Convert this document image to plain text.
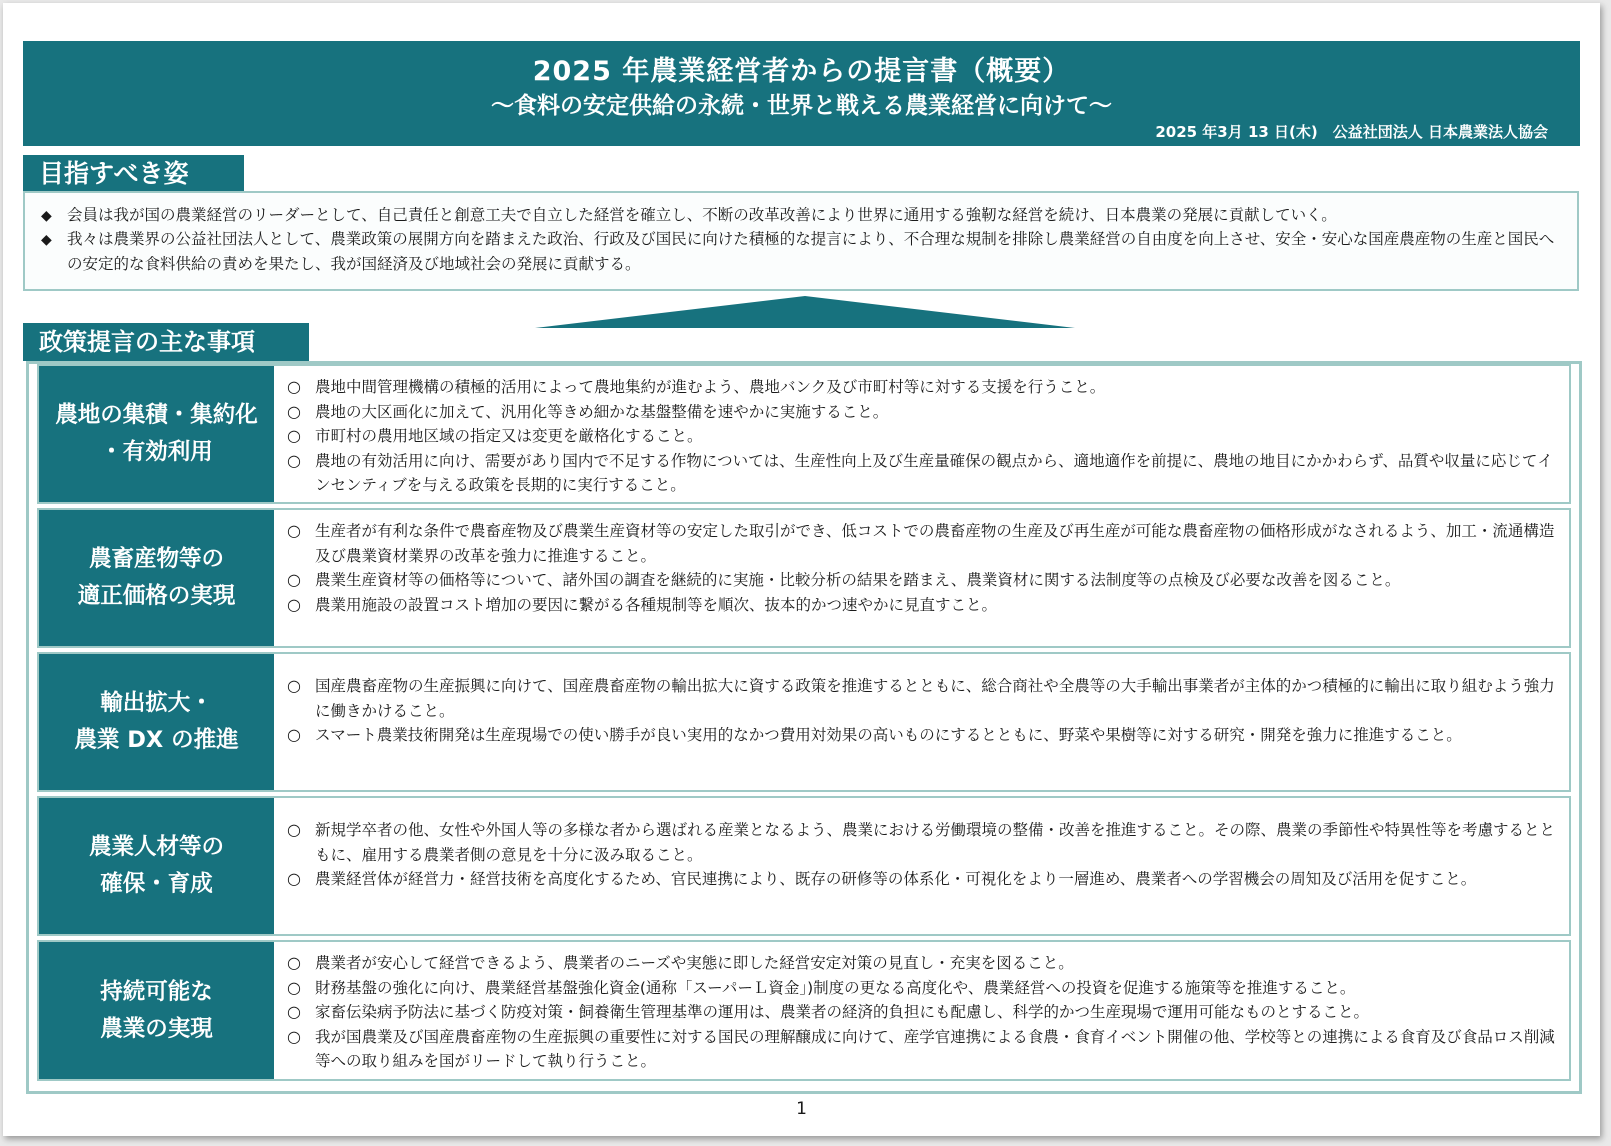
2025 年農業経営者からの提言書（概要）
～食料の安定供給の永続・世界と戦える農業経営に向けて～
2025 年3月 13 日(木)　公益社団法人 日本農業法人協会
目指すべき姿
◆ 会員は我が国の農業経営のリーダーとして、自己責任と創意工夫で自立した経営を確立し、不断の改革改善により世界に通用する強靭な経営を続け、日本農業の発展に貢献していく。
◆ 我々は農業界の公益社団法人として、農業政策の展開方向を踏まえた政治、行政及び国民に向けた積極的な提言により、不合理な規制を排除し農業経営の自由度を向上させ、安全・安心な国産農産物の生産と国民への安定的な食料供給の責めを果たし、我が国経済及び地域社会の発展に貢献する。
政策提言の主な事項
農地の集積・集約化
・有効利用
○ 農地中間管理機構の積極的活用によって農地集約が進むよう、農地バンク及び市町村等に対する支援を行うこと。
○ 農地の大区画化に加えて、汎用化等きめ細かな基盤整備を速やかに実施すること。
○ 市町村の農用地区域の指定又は変更を厳格化すること。
○ 農地の有効活用に向け、需要があり国内で不足する作物については、生産性向上及び生産量確保の観点から、適地適作を前提に、農地の地目にかかわらず、品質や収量に応じてインセンティブを与える政策を長期的に実行すること。
農畜産物等の
適正価格の実現
○ 生産者が有利な条件で農畜産物及び農業生産資材等の安定した取引ができ、低コストでの農畜産物の生産及び再生産が可能な農畜産物の価格形成がなされるよう、加工・流通構造及び農業資材業界の改革を強力に推進すること。
○ 農業生産資材等の価格等について、諸外国の調査を継続的に実施・比較分析の結果を踏まえ、農業資材に関する法制度等の点検及び必要な改善を図ること。
○ 農業用施設の設置コスト増加の要因に繋がる各種規制等を順次、抜本的かつ速やかに見直すこと。
輸出拡大・
農業 DX の推進
○ 国産農畜産物の生産振興に向けて、国産農畜産物の輸出拡大に資する政策を推進するとともに、総合商社や全農等の大手輸出事業者が主体的かつ積極的に輸出に取り組むよう強力に働きかけること。
○ スマート農業技術開発は生産現場での使い勝手が良い実用的なかつ費用対効果の高いものにするとともに、野菜や果樹等に対する研究・開発を強力に推進すること。
農業人材等の
確保・育成
○ 新規学卒者の他、女性や外国人等の多様な者から選ばれる産業となるよう、農業における労働環境の整備・改善を推進すること。その際、農業の季節性や特異性等を考慮するとともに、雇用する農業者側の意見を十分に汲み取ること。
○ 農業経営体が経営力・経営技術を高度化するため、官民連携により、既存の研修等の体系化・可視化をより一層進め、農業者への学習機会の周知及び活用を促すこと。
持続可能な
農業の実現
○ 農業者が安心して経営できるよう、農業者のニーズや実態に即した経営安定対策の見直し・充実を図ること。
○ 財務基盤の強化に向け、農業経営基盤強化資金(通称「スーパーＬ資金」)制度の更なる高度化や、農業経営への投資を促進する施策等を推進すること。
○ 家畜伝染病予防法に基づく防疫対策・飼養衛生管理基準の運用は、農業者の経済的負担にも配慮し、科学的かつ生産現場で運用可能なものとすること。
○ 我が国農業及び国産農畜産物の生産振興の重要性に対する国民の理解醸成に向けて、産学官連携による食農・食育イベント開催の他、学校等との連携による食育及び食品ロス削減等への取り組みを国がリードして執り行うこと。
1
